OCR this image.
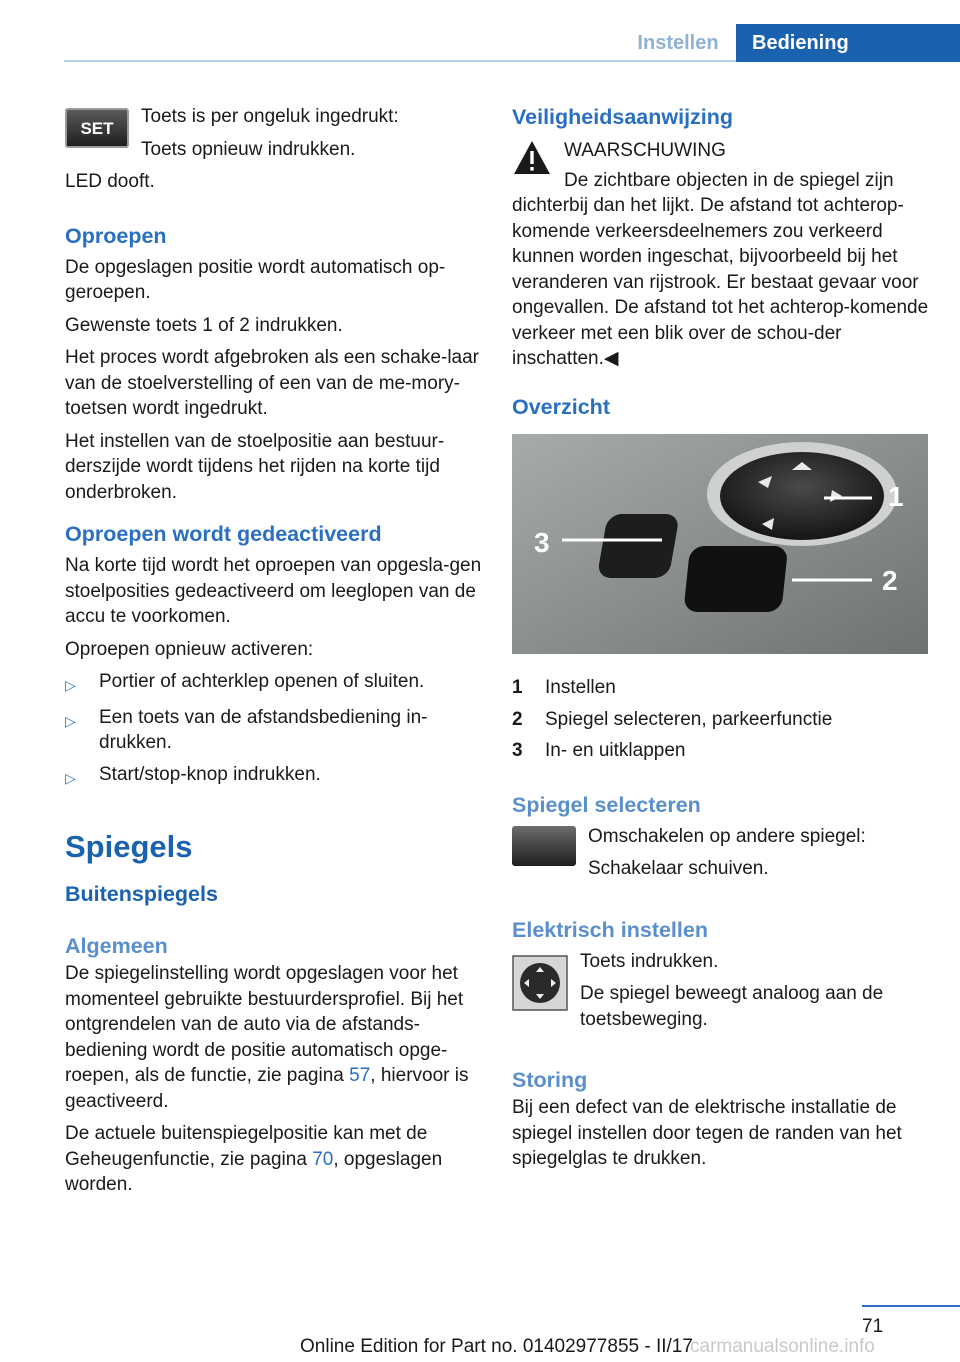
Instellen	Bediening
SET

Toets is per ongeluk ingedrukt:

Toets opnieuw indrukken.

LED dooft.

Oproepen

De opgeslagen positie wordt automatisch op-geroepen.

Gewenste toets 1 of 2 indrukken.

Het proces wordt afgebroken als een schake-laar van de stoelverstelling of een van de me-mory-toetsen wordt ingedrukt.

Het instellen van de stoelpositie aan bestuur-derszijde wordt tijdens het rijden na korte tijd onderbroken.

Oproepen wordt gedeactiveerd

Na korte tijd wordt het oproepen van opgesla-gen stoelposities gedeactiveerd om leeglopen van de accu te voorkomen.

Oproepen opnieuw activeren:

▷	Portier of achterklep openen of sluiten.
▷	Een toets van de afstandsbediening in-drukken.
▷	Start/stop-knop indrukken.
Spiegels
Buitenspiegels
Algemeen

De spiegelinstelling wordt opgeslagen voor het momenteel gebruikte bestuurdersprofiel. Bij het ontgrendelen van de auto via de afstands-bediening wordt de positie automatisch opge-roepen, als de functie, zie pagina 57, hiervoor is geactiveerd.

De actuele buitenspiegelpositie kan met de Geheugenfunctie, zie pagina 70, opgeslagen worden.

Veiligheidsaanwijzing

WAARSCHUWING

De zichtbare objecten in de spiegel zijn

dichterbij dan het lijkt. De afstand tot achterop-komende verkeersdeelnemers zou verkeerd kunnen worden ingeschat, bijvoorbeeld bij het veranderen van rijstrook. Er bestaat gevaar voor ongevallen. De afstand tot het achterop-komende verkeer met een blik over de schou-der inschatten.◀

Overzicht
1
2
3
1	Instellen
2	Spiegel selecteren, parkeerfunctie
3	In- en uitklappen
Spiegel selecteren

Omschakelen op andere spiegel:

Schakelaar schuiven.

Elektrisch instellen

Toets indrukken.

De spiegel beweegt analoog aan de toetsbeweging.

Storing

Bij een defect van de elektrische installatie de spiegel instellen door tegen de randen van het spiegelglas te drukken.

71
Online Edition for Part no. 01402977855 - II/17
carmanualsonline.info
